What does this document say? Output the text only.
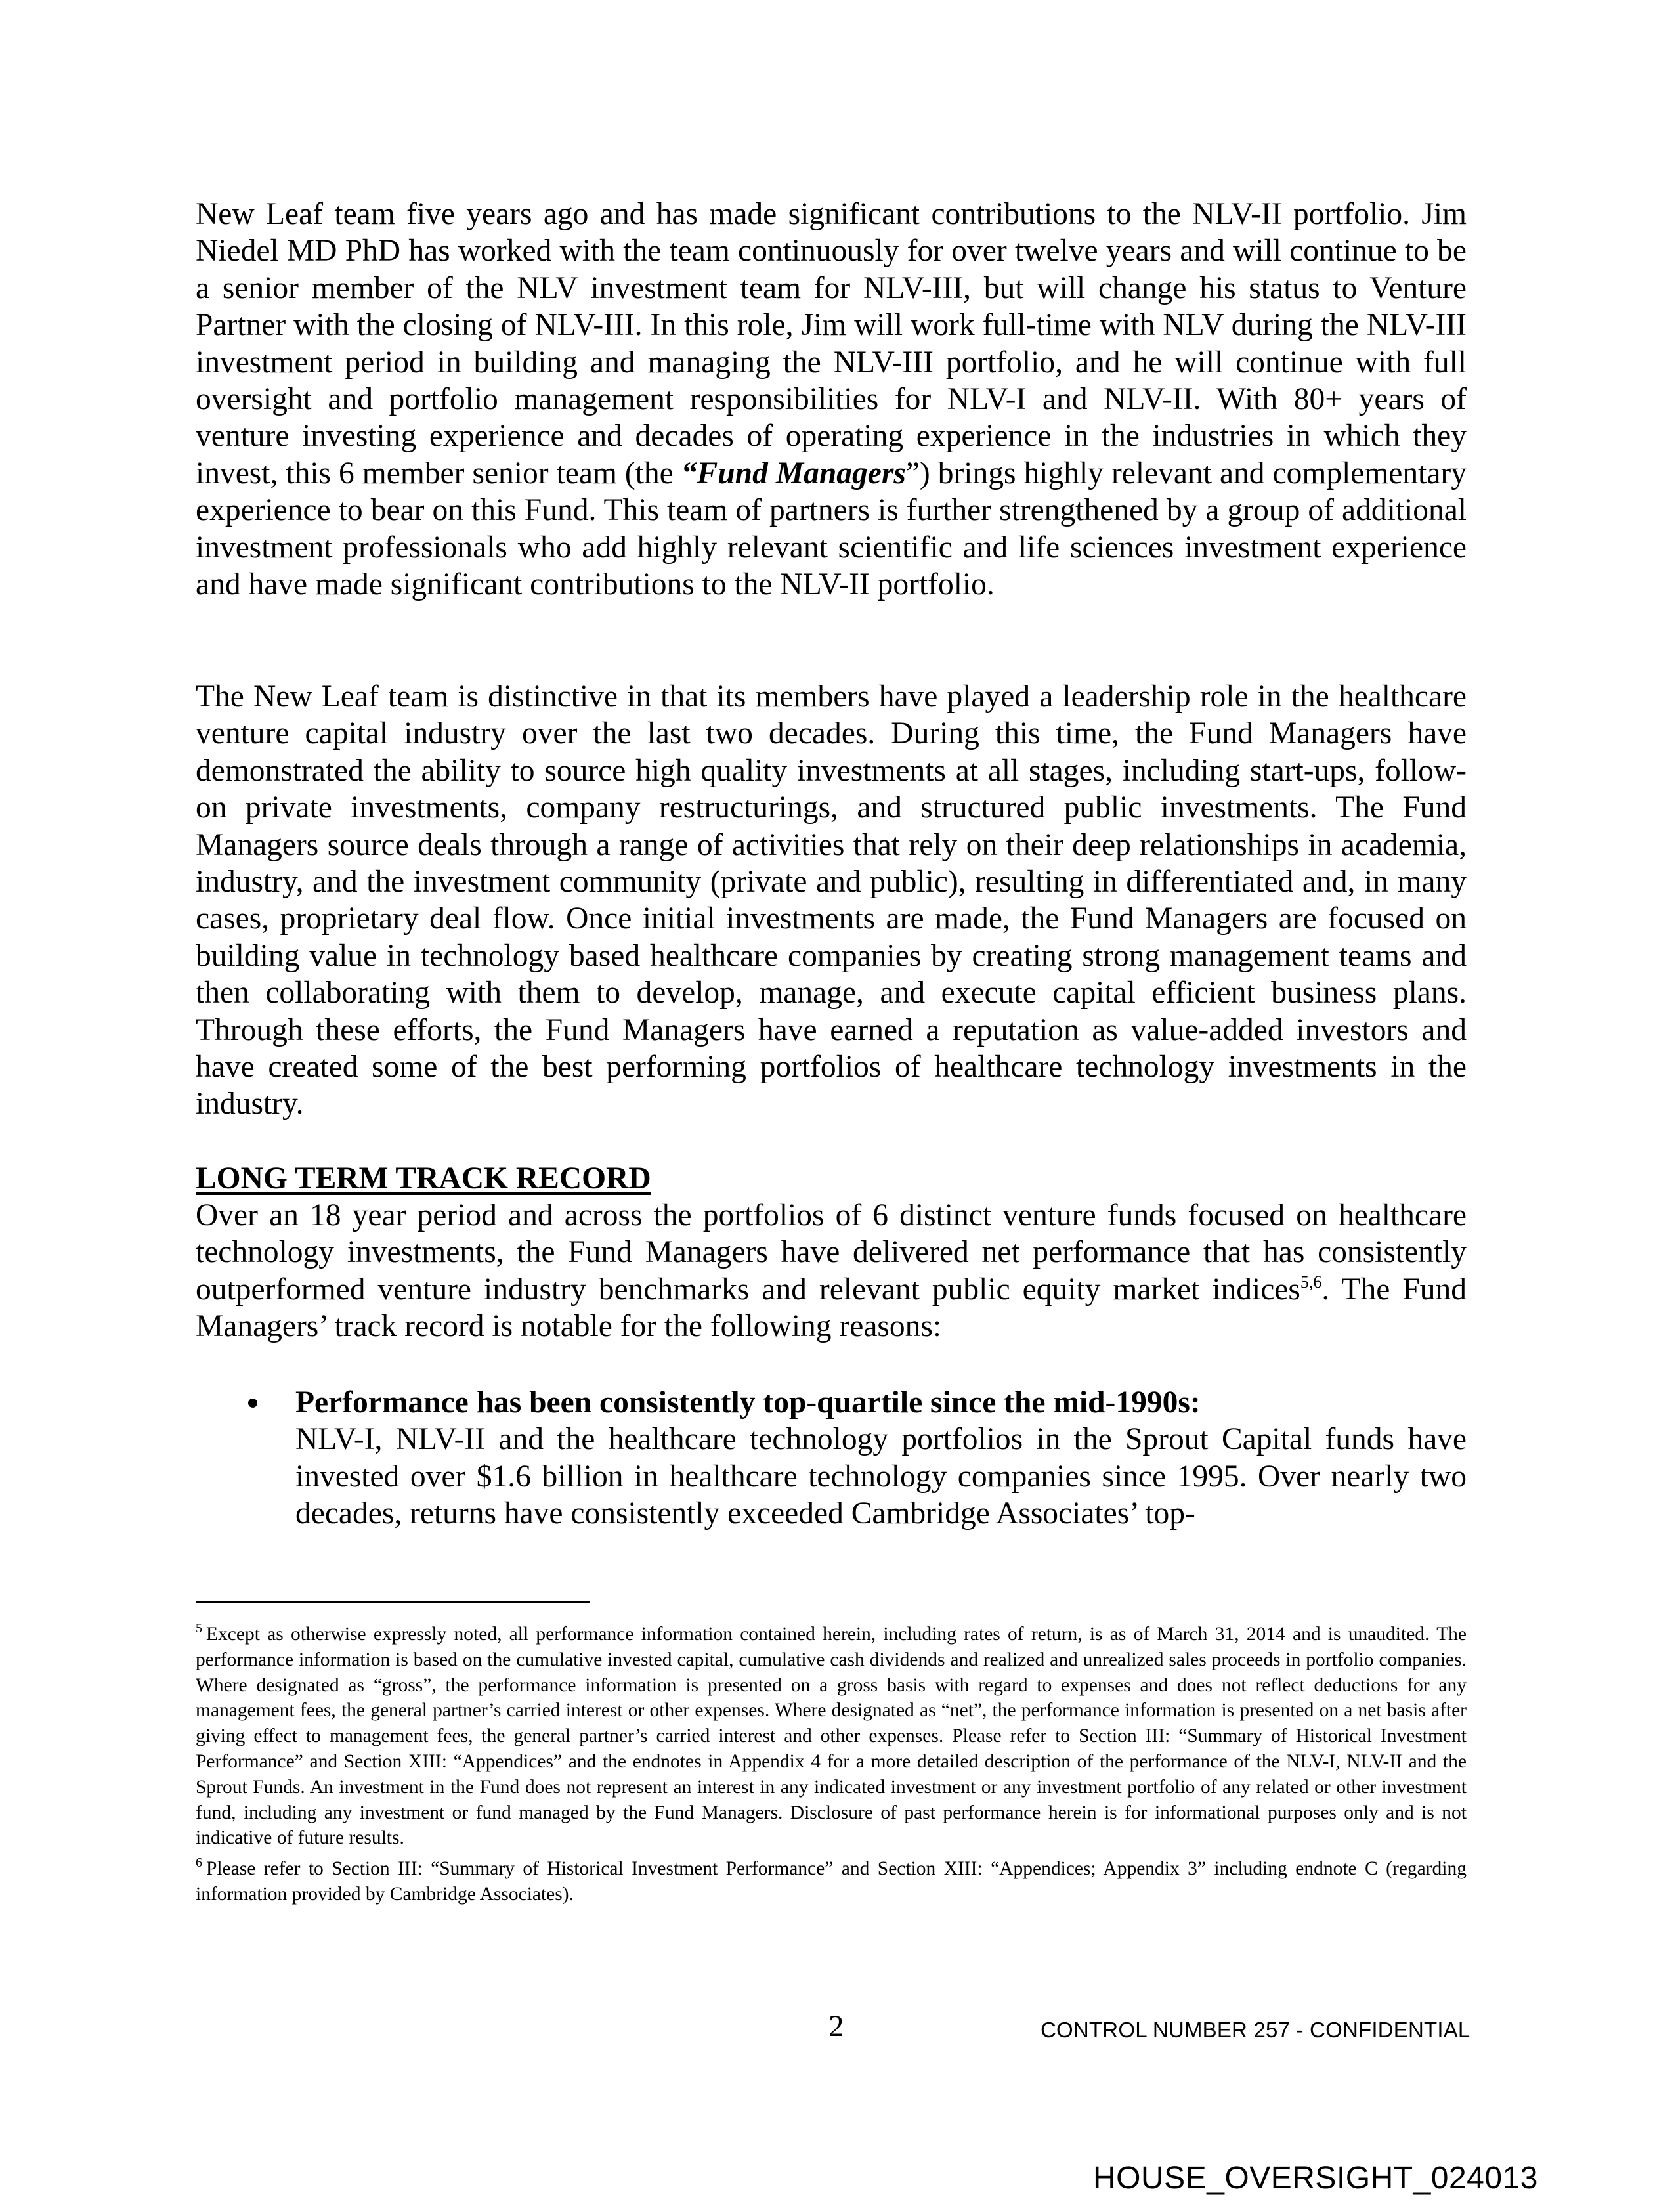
New Leaf team five years ago and has made significant contributions to the NLV-II portfolio. Jim Niedel MD PhD has worked with the team continuously for over twelve years and will continue to be a senior member of the NLV investment team for NLV-III, but will change his status to Venture Partner with the closing of NLV-III. In this role, Jim will work full-time with NLV during the NLV-III investment period in building and managing the NLV-III portfolio, and he will continue with full oversight and portfolio management responsibilities for NLV-I and NLV-II. With 80+ years of venture investing experience and decades of operating experience in the industries in which they invest, this 6 member senior team (the “Fund Managers”) brings highly relevant and complementary experience to bear on this Fund. This team of partners is further strengthened by a group of additional investment professionals who add highly relevant scientific and life sciences investment experience and have made significant contributions to the NLV-II portfolio.

The New Leaf team is distinctive in that its members have played a leadership role in the healthcare venture capital industry over the last two decades. During this time, the Fund Managers have demonstrated the ability to source high quality investments at all stages, including start-ups, follow-on private investments, company restructurings, and structured public investments. The Fund Managers source deals through a range of activities that rely on their deep relationships in academia, industry, and the investment community (private and public), resulting in differentiated and, in many cases, proprietary deal flow. Once initial investments are made, the Fund Managers are focused on building value in technology based healthcare companies by creating strong management teams and then collaborating with them to develop, manage, and execute capital efficient business plans. Through these efforts, the Fund Managers have earned a reputation as value-added investors and have created some of the best performing portfolios of healthcare technology investments in the industry.

LONG TERM TRACK RECORD

Over an 18 year period and across the portfolios of 6 distinct venture funds focused on healthcare technology investments, the Fund Managers have delivered net performance that has consistently outperformed venture industry benchmarks and relevant public equity market indices$^{5,6}$. The Fund Managers’ track record is notable for the following reasons:

Performance has been consistently top-quartile since the mid-1990s:
NLV-I, NLV-II and the healthcare technology portfolios in the Sprout Capital funds have invested over $1.6 billion in healthcare technology companies since 1995. Over nearly two decades, returns have consistently exceeded Cambridge Associates’ top-

$^5$ Except as otherwise expressly noted, all performance information contained herein, including rates of return, is as of March 31, 2014 and is unaudited. The performance information is based on the cumulative invested capital, cumulative cash dividends and realized and unrealized sales proceeds in portfolio companies. Where designated as “gross”, the performance information is presented on a gross basis with regard to expenses and does not reflect deductions for any management fees, the general partner’s carried interest or other expenses. Where designated as “net”, the performance information is presented on a net basis after giving effect to management fees, the general partner’s carried interest and other expenses. Please refer to Section III: “Summary of Historical Investment Performance” and Section XIII: “Appendices” and the endnotes in Appendix 4 for a more detailed description of the performance of the NLV-I, NLV-II and the Sprout Funds. An investment in the Fund does not represent an interest in any indicated investment or any investment portfolio of any related or other investment fund, including any investment or fund managed by the Fund Managers. Disclosure of past performance herein is for informational purposes only and is not indicative of future results.

$^6$ Please refer to Section III: “Summary of Historical Investment Performance” and Section XIII: “Appendices; Appendix 3” including endnote C (regarding information provided by Cambridge Associates).

2	CONTROL NUMBER 257 - CONFIDENTIAL
HOUSE_OVERSIGHT_024013
